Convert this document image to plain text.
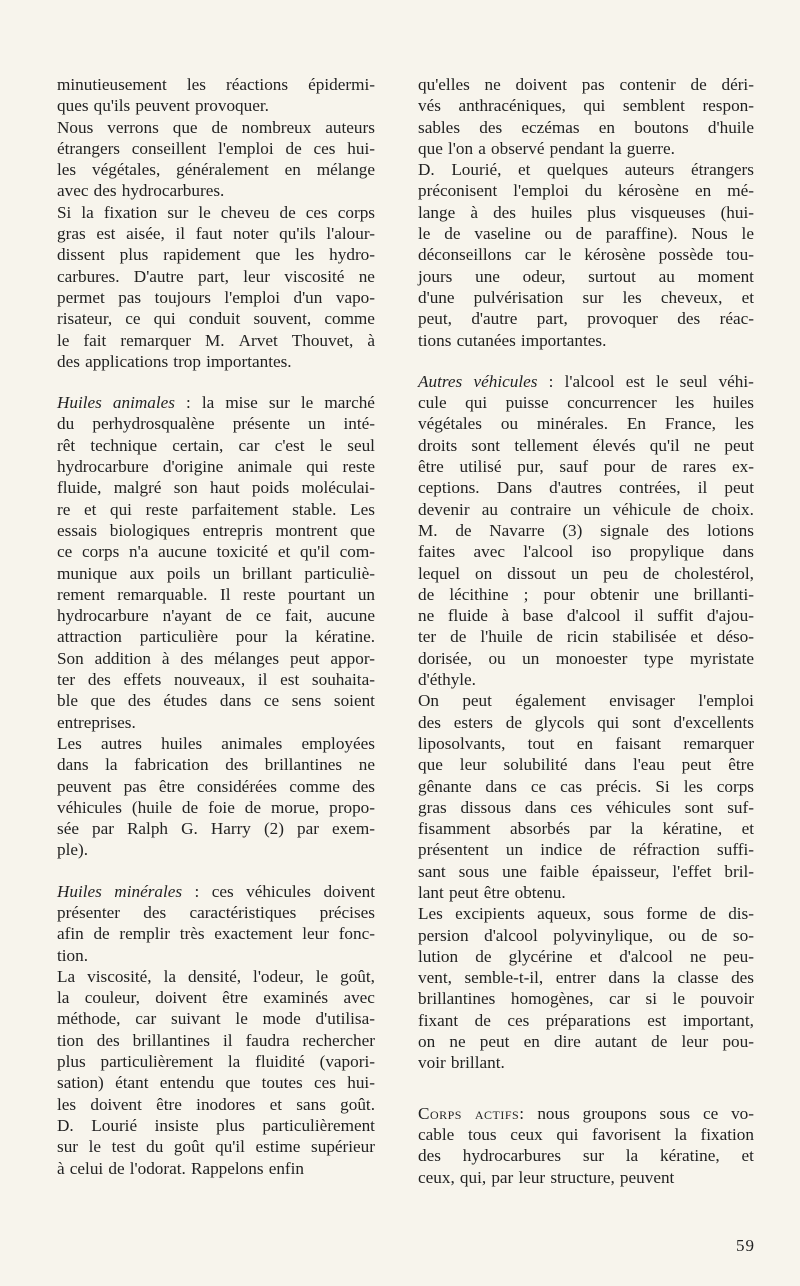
minutieusement les réactions épidermi-
ques qu'ils peuvent provoquer.
Nous verrons que de nombreux auteurs
étrangers conseillent l'emploi de ces hui-
les végétales, généralement en mélange
avec des hydrocarbures.
Si la fixation sur le cheveu de ces corps
gras est aisée, il faut noter qu'ils l'alour-
dissent plus rapidement que les hydro-
carbures. D'autre part, leur viscosité ne
permet pas toujours l'emploi d'un vapo-
risateur, ce qui conduit souvent, comme
le fait remarquer M. Arvet Thouvet, à
des applications trop importantes.
Huiles animales : la mise sur le marché
du perhydrosqualène présente un inté-
rêt technique certain, car c'est le seul
hydrocarbure d'origine animale qui reste
fluide, malgré son haut poids moléculai-
re et qui reste parfaitement stable. Les
essais biologiques entrepris montrent que
ce corps n'a aucune toxicité et qu'il com-
munique aux poils un brillant particuliè-
rement remarquable. Il reste pourtant un
hydrocarbure n'ayant de ce fait, aucune
attraction particulière pour la kératine.
Son addition à des mélanges peut appor-
ter des effets nouveaux, il est souhaita-
ble que des études dans ce sens soient
entreprises.
Les autres huiles animales employées
dans la fabrication des brillantines ne
peuvent pas être considérées comme des
véhicules (huile de foie de morue, propo-
sée par Ralph G. Harry (2) par exem-
ple).
Huiles minérales : ces véhicules doivent
présenter des caractéristiques précises
afin de remplir très exactement leur fonc-
tion.
La viscosité, la densité, l'odeur, le goût,
la couleur, doivent être examinés avec
méthode, car suivant le mode d'utilisa-
tion des brillantines il faudra rechercher
plus particulièrement la fluidité (vapori-
sation) étant entendu que toutes ces hui-
les doivent être inodores et sans goût.
D. Lourié insiste plus particulièrement
sur le test du goût qu'il estime supérieur
à celui de l'odorat. Rappelons enfin
qu'elles ne doivent pas contenir de déri-
vés anthracéniques, qui semblent respon-
sables des eczémas en boutons d'huile
que l'on a observé pendant la guerre.
D. Lourié, et quelques auteurs étrangers
préconisent l'emploi du kérosène en mé-
lange à des huiles plus visqueuses (hui-
le de vaseline ou de paraffine). Nous le
déconseillons car le kérosène possède tou-
jours une odeur, surtout au moment
d'une pulvérisation sur les cheveux, et
peut, d'autre part, provoquer des réac-
tions cutanées importantes.
Autres véhicules : l'alcool est le seul véhi-
cule qui puisse concurrencer les huiles
végétales ou minérales. En France, les
droits sont tellement élevés qu'il ne peut
être utilisé pur, sauf pour de rares ex-
ceptions. Dans d'autres contrées, il peut
devenir au contraire un véhicule de choix.
M. de Navarre (3) signale des lotions
faites avec l'alcool iso propylique dans
lequel on dissout un peu de cholestérol,
de lécithine ; pour obtenir une brillanti-
ne fluide à base d'alcool il suffit d'ajou-
ter de l'huile de ricin stabilisée et déso-
dorisée, ou un monoester type myristate
d'éthyle.
On peut également envisager l'emploi
des esters de glycols qui sont d'excellents
liposolvants, tout en faisant remarquer
que leur solubilité dans l'eau peut être
gênante dans ce cas précis. Si les corps
gras dissous dans ces véhicules sont suf-
fisamment absorbés par la kératine, et
présentent un indice de réfraction suffi-
sant sous une faible épaisseur, l'effet bril-
lant peut être obtenu.
Les excipients aqueux, sous forme de dis-
persion d'alcool polyvinylique, ou de so-
lution de glycérine et d'alcool ne peu-
vent, semble-t-il, entrer dans la classe des
brillantines homogènes, car si le pouvoir
fixant de ces préparations est important,
on ne peut en dire autant de leur pou-
voir brillant.
Corps actifs: nous groupons sous ce vo-
cable tous ceux qui favorisent la fixation
des hydrocarbures sur la kératine, et
ceux, qui, par leur structure, peuvent
59
